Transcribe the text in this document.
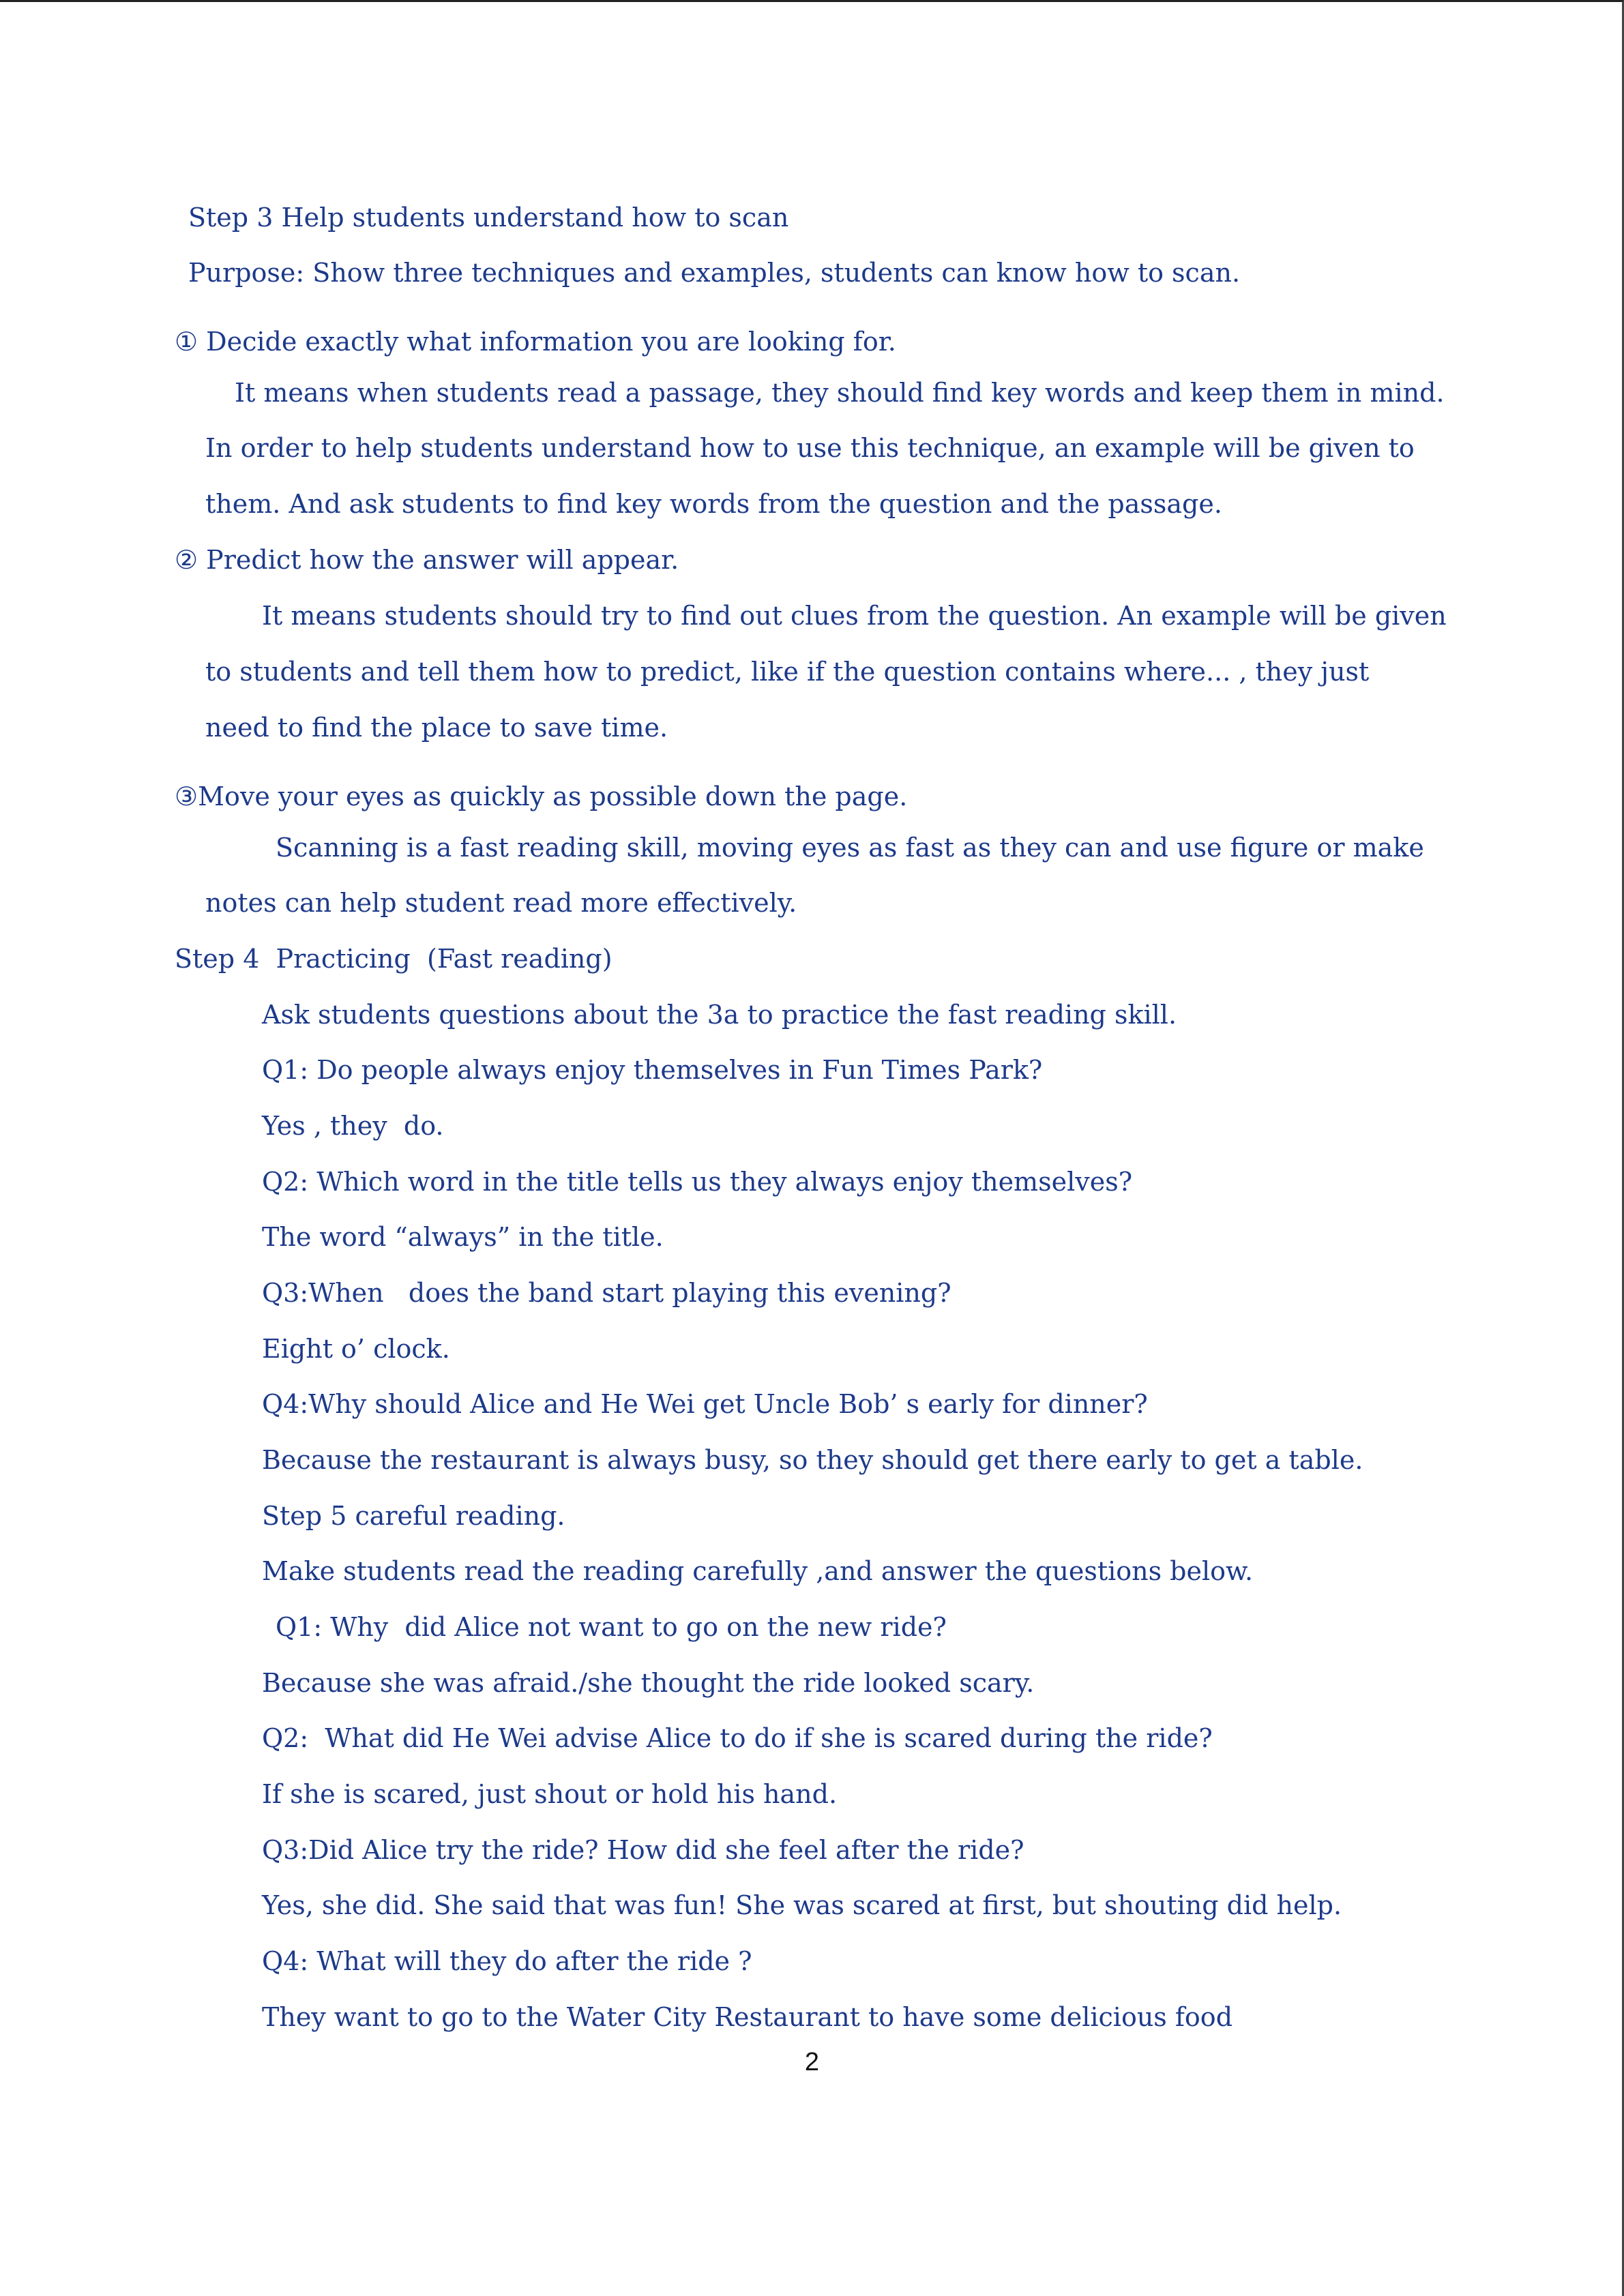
Step 3 Help students understand how to scan
Purpose: Show three techniques and examples, students can know how to scan.
① Decide exactly what information you are looking for.
It means when students read a passage, they should find key words and keep them in mind.
In order to help students understand how to use this technique, an example will be given to
them. And ask students to find key words from the question and the passage.
② Predict how the answer will appear.
It means students should try to find out clues from the question. An example will be given
to students and tell them how to predict, like if the question contains where... , they just
need to find the place to save time.
③Move your eyes as quickly as possible down the page.
Scanning is a fast reading skill, moving eyes as fast as they can and use figure or make
notes can help student read more effectively.
Step 4  Practicing  (Fast reading)
Ask students questions about the 3a to practice the fast reading skill.
Q1: Do people always enjoy themselves in Fun Times Park?
Yes , they  do.
Q2: Which word in the title tells us they always enjoy themselves?
The word “always” in the title.
Q3:When   does the band start playing this evening?
Eight o’ clock.
Q4:Why should Alice and He Wei get Uncle Bob’ s early for dinner?
Because the restaurant is always busy, so they should get there early to get a table.
Step 5 careful reading.
Make students read the reading carefully ,and answer the questions below.
Q1: Why  did Alice not want to go on the new ride?
Because she was afraid./she thought the ride looked scary.
Q2:  What did He Wei advise Alice to do if she is scared during the ride?
If she is scared, just shout or hold his hand.
Q3:Did Alice try the ride? How did she feel after the ride?
Yes, she did. She said that was fun! She was scared at first, but shouting did help.
Q4: What will they do after the ride ?
They want to go to the Water City Restaurant to have some delicious food
2
